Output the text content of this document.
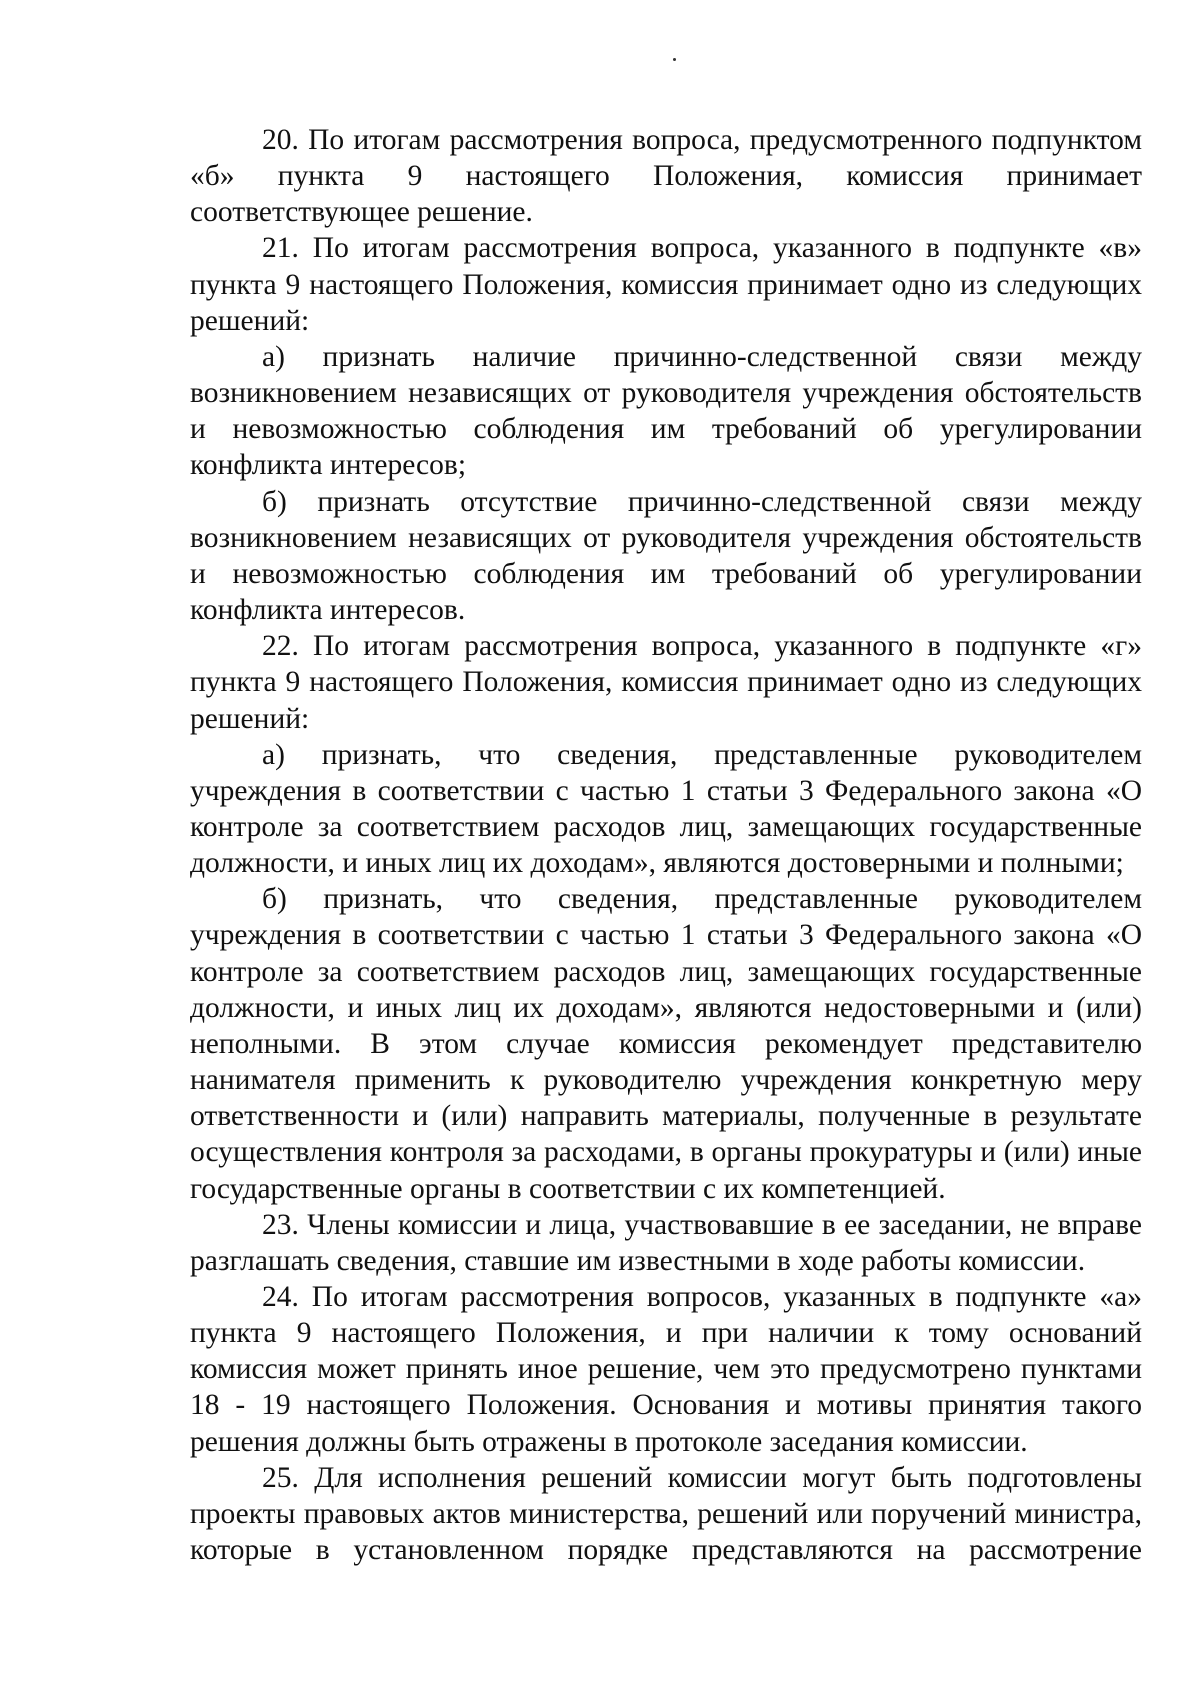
20. По итогам рассмотрения вопроса, предусмотренного подпунктом «б» пункта 9 настоящего Положения, комиссия принимает соответствующее решение.

21. По итогам рассмотрения вопроса, указанного в подпункте «в» пункта 9 настоящего Положения, комиссия принимает одно из следующих решений:

а) признать наличие причинно-следственной связи между возникновением независящих от руководителя учреждения обстоятельств и невозможностью соблюдения им требований об урегулировании конфликта интересов;

б) признать отсутствие причинно-следственной связи между возникновением независящих от руководителя учреждения обстоятельств и невозможностью соблюдения им требований об урегулировании конфликта интересов.

22. По итогам рассмотрения вопроса, указанного в подпункте «г» пункта 9 настоящего Положения, комиссия принимает одно из следующих решений:

а) признать, что сведения, представленные руководителем учреждения в соответствии с частью 1 статьи 3 Федерального закона «О контроле за соответствием расходов лиц, замещающих государственные должности, и иных лиц их доходам», являются достоверными и полными;

б) признать, что сведения, представленные руководителем учреждения в соответствии с частью 1 статьи 3 Федерального закона «О контроле за соответствием расходов лиц, замещающих государственные должности, и иных лиц их доходам», являются недостоверными и (или) неполными. В этом случае комиссия рекомендует представителю нанимателя применить к руководителю учреждения конкретную меру ответственности и (или) направить материалы, полученные в результате осуществления контроля за расходами, в органы прокуратуры и (или) иные государственные органы в соответствии с их компетенцией.

23. Члены комиссии и лица, участвовавшие в ее заседании, не вправе разглашать сведения, ставшие им известными в ходе работы комиссии.

24. По итогам рассмотрения вопросов, указанных в подпункте «а» пункта 9 настоящего Положения, и при наличии к тому оснований комиссия может принять иное решение, чем это предусмотрено пунктами 18 - 19 настоящего Положения. Основания и мотивы принятия такого решения должны быть отражены в протоколе заседания комиссии.

25. Для исполнения решений комиссии могут быть подготовлены проекты правовых актов министерства, решений или поручений министра, которые в установленном порядке представляются на рассмотрение
